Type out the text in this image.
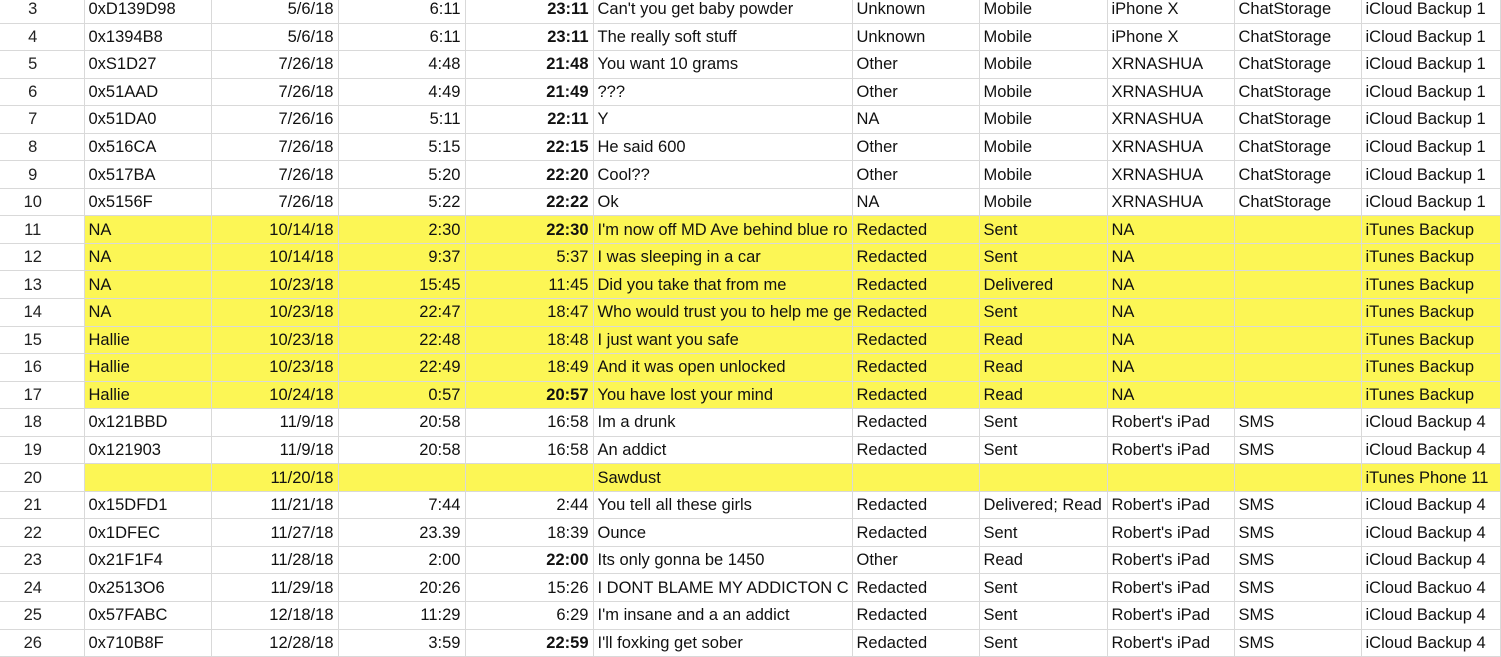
3	0xD139D98	5/6/18	6:11	23:11	Can't you get baby powder	Unknown	Mobile	iPhone X	ChatStorage	iCloud Backup 1
4	0x1394B8	5/6/18	6:11	23:11	The really soft stuff	Unknown	Mobile	iPhone X	ChatStorage	iCloud Backup 1
5	0xS1D27	7/26/18	4:48	21:48	You want 10 grams	Other	Mobile	XRNASHUA	ChatStorage	iCloud Backup 1
6	0x51AAD	7/26/18	4:49	21:49	???	Other	Mobile	XRNASHUA	ChatStorage	iCloud Backup 1
7	0x51DA0	7/26/16	5:11	22:11	Y	NA	Mobile	XRNASHUA	ChatStorage	iCloud Backup 1
8	0x516CA	7/26/18	5:15	22:15	He said 600	Other	Mobile	XRNASHUA	ChatStorage	iCloud Backup 1
9	0x517BA	7/26/18	5:20	22:20	Cool??	Other	Mobile	XRNASHUA	ChatStorage	iCloud Backup 1
10	0x5156F	7/26/18	5:22	22:22	Ok	NA	Mobile	XRNASHUA	ChatStorage	iCloud Backup 1
11	NA	10/14/18	2:30	22:30	I'm now off MD Ave behind blue ro	Redacted	Sent	NA		iTunes Backup
12	NA	10/14/18	9:37	5:37	I was sleeping in a car	Redacted	Sent	NA		iTunes Backup
13	NA	10/23/18	15:45	11:45	Did you take that from me	Redacted	Delivered	NA		iTunes Backup
14	NA	10/23/18	22:47	18:47	Who would trust you to help me ge	Redacted	Sent	NA		iTunes Backup
15	Hallie	10/23/18	22:48	18:48	I just want you safe	Redacted	Read	NA		iTunes Backup
16	Hallie	10/23/18	22:49	18:49	And it was open unlocked	Redacted	Read	NA		iTunes Backup
17	Hallie	10/24/18	0:57	20:57	You have lost your mind	Redacted	Read	NA		iTunes Backup
18	0x121BBD	11/9/18	20:58	16:58	Im a drunk	Redacted	Sent	Robert's iPad	SMS	iCloud Backup 4
19	0x121903	11/9/18	20:58	16:58	An addict	Redacted	Sent	Robert's iPad	SMS	iCloud Backup 4
20		11/20/18			Sawdust					iTunes Phone 11
21	0x15DFD1	11/21/18	7:44	2:44	You tell all these girls	Redacted	Delivered; Read	Robert's iPad	SMS	iCloud Backup 4
22	0x1DFEC	11/27/18	23.39	18:39	Ounce	Redacted	Sent	Robert's iPad	SMS	iCloud Backup 4
23	0x21F1F4	11/28/18	2:00	22:00	Its only gonna be 1450	Other	Read	Robert's iPad	SMS	iCloud Backup 4
24	0x2513O6	11/29/18	20:26	15:26	I DONT BLAME MY ADDICTON C	Redacted	Sent	Robert's iPad	SMS	iCloud Backuo 4
25	0x57FABC	12/18/18	11:29	6:29	I'm insane and a an addict	Redacted	Sent	Robert's iPad	SMS	iCloud Backup 4
26	0x710B8F	12/28/18	3:59	22:59	I'll foxking get sober	Redacted	Sent	Robert's iPad	SMS	iCloud Backup 4
